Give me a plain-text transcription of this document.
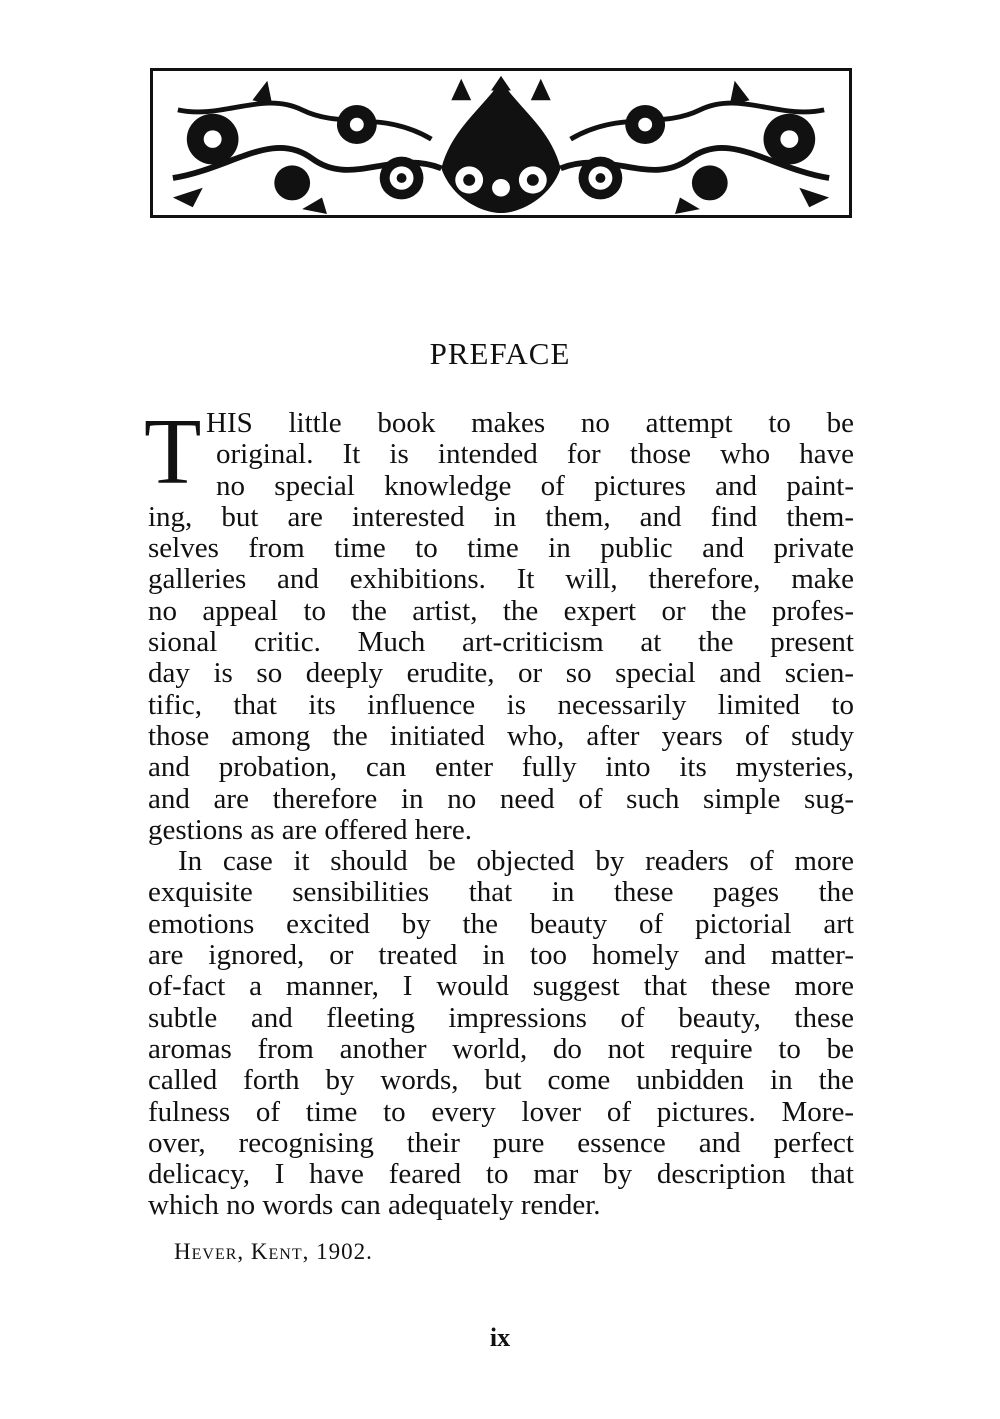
PREFACE
T HIS little book makes no attempt to be
original. It is intended for those who have
no special knowledge of pictures and paint-
ing, but are interested in them, and find them-
selves from time to time in public and private
galleries and exhibitions. It will, therefore, make
no appeal to the artist, the expert or the profes-
sional critic. Much art-criticism at the present
day is so deeply erudite, or so special and scien-
tific, that its influence is necessarily limited to
those among the initiated who, after years of study
and probation, can enter fully into its mysteries,
and are therefore in no need of such simple sug-
gestions as are offered here.
In case it should be objected by readers of more
exquisite sensibilities that in these pages the
emotions excited by the beauty of pictorial art
are ignored, or treated in too homely and matter-
of-fact a manner, I would suggest that these more
subtle and fleeting impressions of beauty, these
aromas from another world, do not require to be
called forth by words, but come unbidden in the
fulness of time to every lover of pictures. More-
over, recognising their pure essence and perfect
delicacy, I have feared to mar by description that
which no words can adequately render.
Hever, Kent, 1902.
ix
